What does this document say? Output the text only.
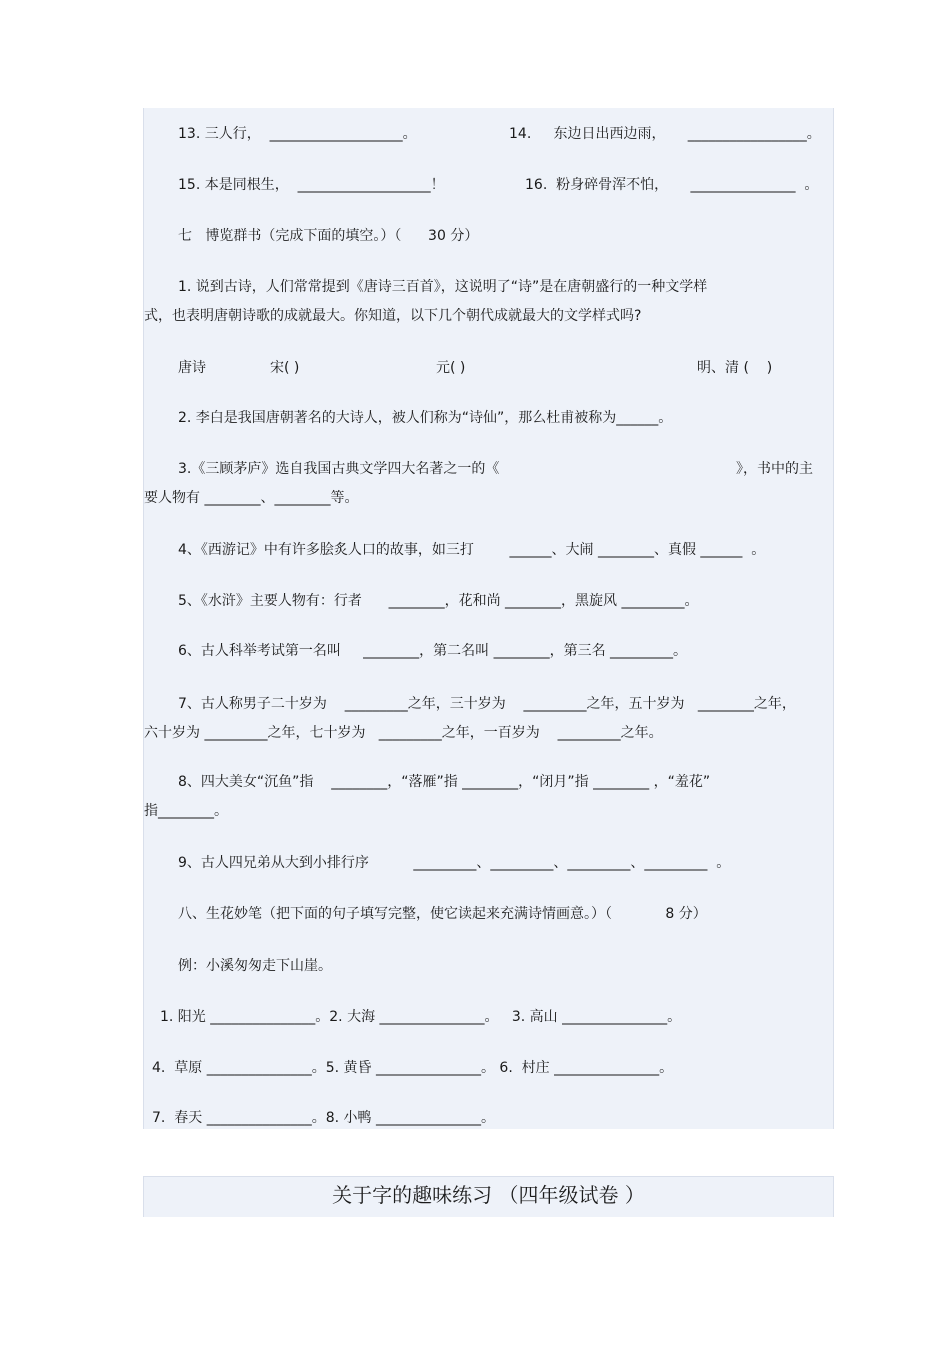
13. 三人行， ___________________。	14. 东边日出西边雨， _________________。
15. 本是同根生， ___________________！	16. 粉身碎骨浑不怕， _______________ 。
七   博览群书（完成下面的填空。）（      30 分）
1. 说到古诗，人们常常提到《唐诗三百首》，这说明了“诗”是在唐朝盛行的一种文学样
式，也表明唐朝诗歌的成就最大。你知道，以下几个朝代成就最大的文学样式吗?
唐诗	宋( )	元( )	明、清 (    )
2. 李白是我国唐朝著名的大诗人，被人们称为“诗仙”，那么杜甫被称为______。
3.《三顾茅庐》选自我国古典文学四大名著之一的《	》，书中的主
要人物有 ________、________等。
4、《西游记》中有许多脍炙人口的故事，如三打        ______、大闹 ________、真假 ______  。
5、《水浒》主要人物有：行者      ________，花和尚 ________，黑旋风 _________。
6、古人科举考试第一名叫     ________，第二名叫 ________，第三名 _________。
7、古人称男子二十岁为    _________之年，三十岁为    _________之年，五十岁为   ________之年，
六十岁为 _________之年，七十岁为   _________之年，一百岁为    _________之年。
8、四大美女“沉鱼”指    ________，“落雁”指 ________，“闭月”指 ________ ，“羞花”
指________。
9、古人四兄弟从大到小排行序          _________、_________、_________、_________  。
八、生花妙笔（把下面的句子填写完整，使它读起来充满诗情画意。）（            8 分）
例：小溪匆匆走下山崖。
1. 阳光 _______________。2. 大海 _______________。   3. 高山 _______________。
4.  草原 _______________。5. 黄昏 _______________。 6.  村庄 _______________。
7.  春天 _______________。8. 小鸭 _______________。
关于字的趣味练习 （四年级试卷 ）
